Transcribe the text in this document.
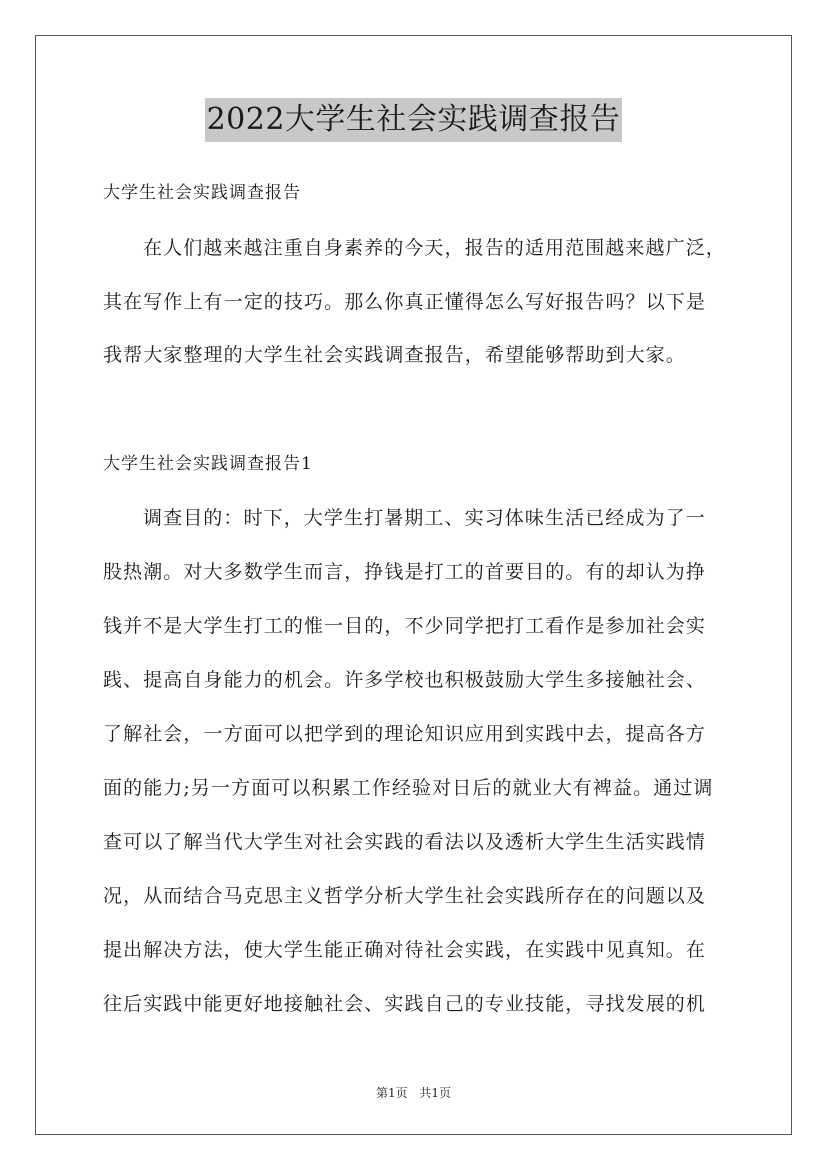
2022大学生社会实践调查报告
大学生社会实践调查报告
在人们越来越注重自身素养的今天，报告的适用范围越来越广泛，
其在写作上有一定的技巧。那么你真正懂得怎么写好报告吗？以下是
我帮大家整理的大学生社会实践调查报告，希望能够帮助到大家。
大学生社会实践调查报告1
调查目的：时下，大学生打暑期工、实习体味生活已经成为了一
股热潮。对大多数学生而言，挣钱是打工的首要目的。有的却认为挣
钱并不是大学生打工的惟一目的，不少同学把打工看作是参加社会实
践、提高自身能力的机会。许多学校也积极鼓励大学生多接触社会、
了解社会，一方面可以把学到的理论知识应用到实践中去，提高各方
面的能力;另一方面可以积累工作经验对日后的就业大有裨益。通过调
查可以了解当代大学生对社会实践的看法以及透析大学生生活实践情
况，从而结合马克思主义哲学分析大学生社会实践所存在的问题以及
提出解决方法，使大学生能正确对待社会实践，在实践中见真知。在
往后实践中能更好地接触社会、实践自己的专业技能，寻找发展的机
第1页 共1页
